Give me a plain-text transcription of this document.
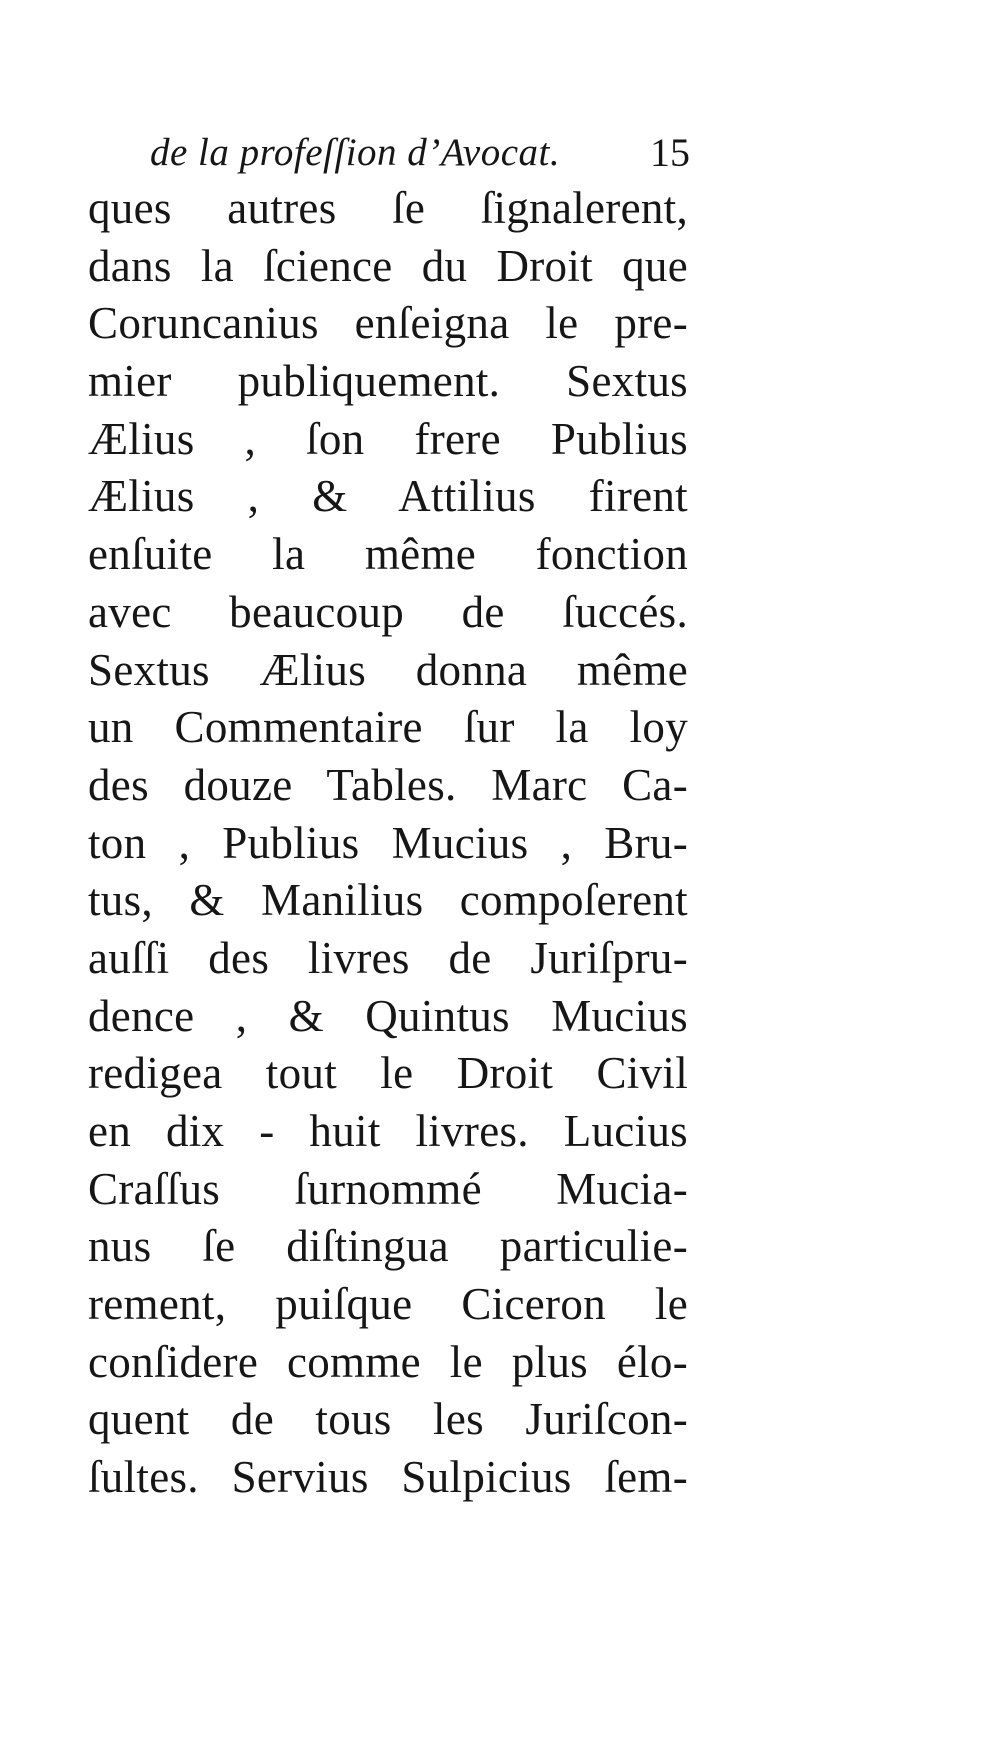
de la profeſſion d’Avocat. 15
ques autres ſe ſignalerent,
dans la ſcience du Droit que
Coruncanius enſeigna le pre-
mier publiquement. Sextus
Ælius , ſon frere Publius
Ælius , & Attilius firent
enſuite la même fonction
avec beaucoup de ſuccés.
Sextus Ælius donna même
un Commentaire ſur la loy
des douze Tables. Marc Ca-
ton , Publius Mucius , Bru-
tus, & Manilius compoſerent
auſſi des livres de Juriſpru-
dence , & Quintus Mucius
redigea tout le Droit Civil
en dix - huit livres. Lucius
Craſſus ſurnommé Mucia-
nus ſe diſtingua particulie-
rement, puiſque Ciceron le
conſidere comme le plus élo-
quent de tous les Juriſcon-
ſultes. Servius Sulpicius ſem-
